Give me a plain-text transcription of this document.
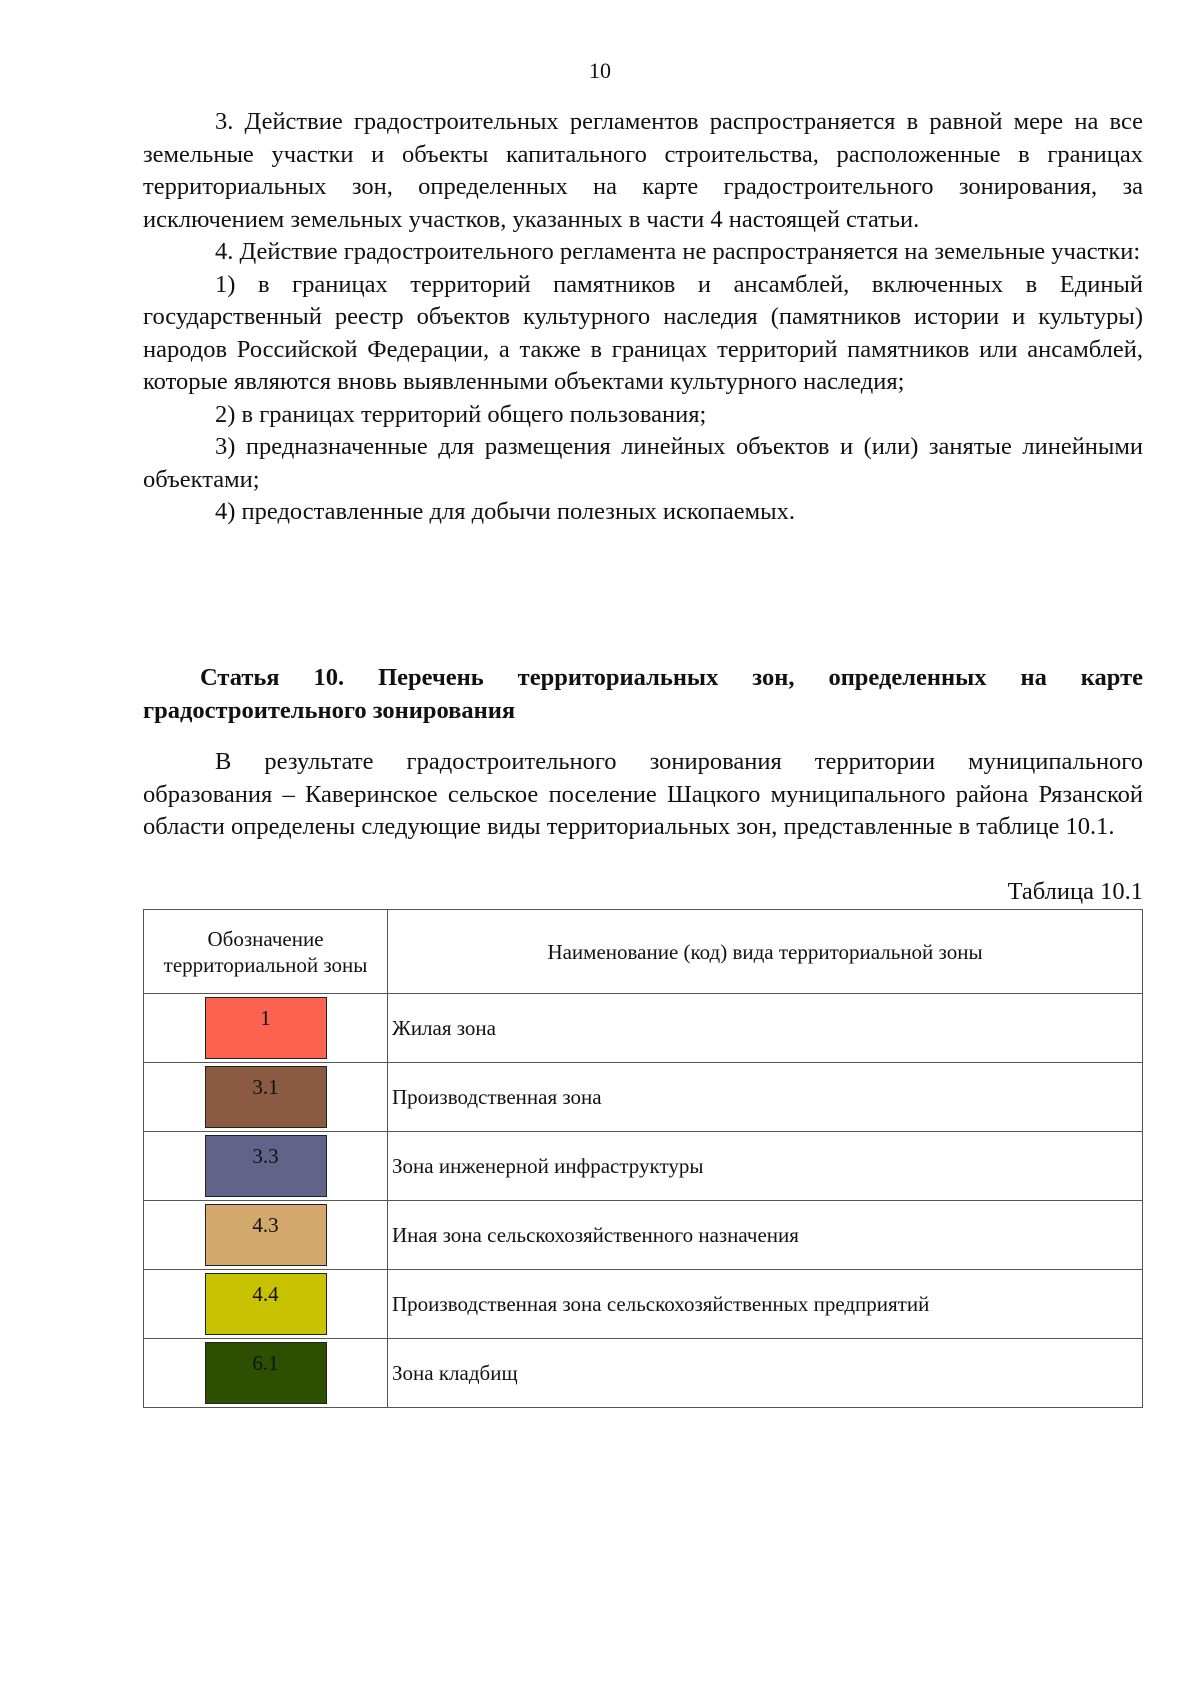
10

3. Действие градостроительных регламентов распространяется в равной мере на все земельные участки и объекты капитального строительства, расположенные в границах территориальных зон, определенных на карте градостроительного зонирования, за исключением земельных участков, указанных в части 4 настоящей статьи.

4. Действие градостроительного регламента не распространяется на земельные участки:

1) в границах территорий памятников и ансамблей, включенных в Единый государственный реестр объектов культурного наследия (памятников истории и культуры) народов Российской Федерации, а также в границах территорий памятников или ансамблей, которые являются вновь выявленными объектами культурного наследия;

2) в границах территорий общего пользования;

3) предназначенные для размещения линейных объектов и (или) занятые линейными объектами;

4) предоставленные для добычи полезных ископаемых.

Статья 10. Перечень территориальных зон, определенных на карте градостроительного зонирования

В результате градостроительного зонирования территории муниципального образования – Каверинское сельское поселение Шацкого муниципального района Рязанской области определены следующие виды территориальных зон, представленные в таблице 10.1.

Таблица 10.1
Обозначение территориальной зоны	Наименование (код) вида территориальной зоны

1	Жилая зона

3.1	Производственная зона

3.3	Зона инженерной инфраструктуры

4.3	Иная зона сельскохозяйственного назначения

4.4	Производственная зона сельскохозяйственных предприятий

6.1	Зона кладбищ
